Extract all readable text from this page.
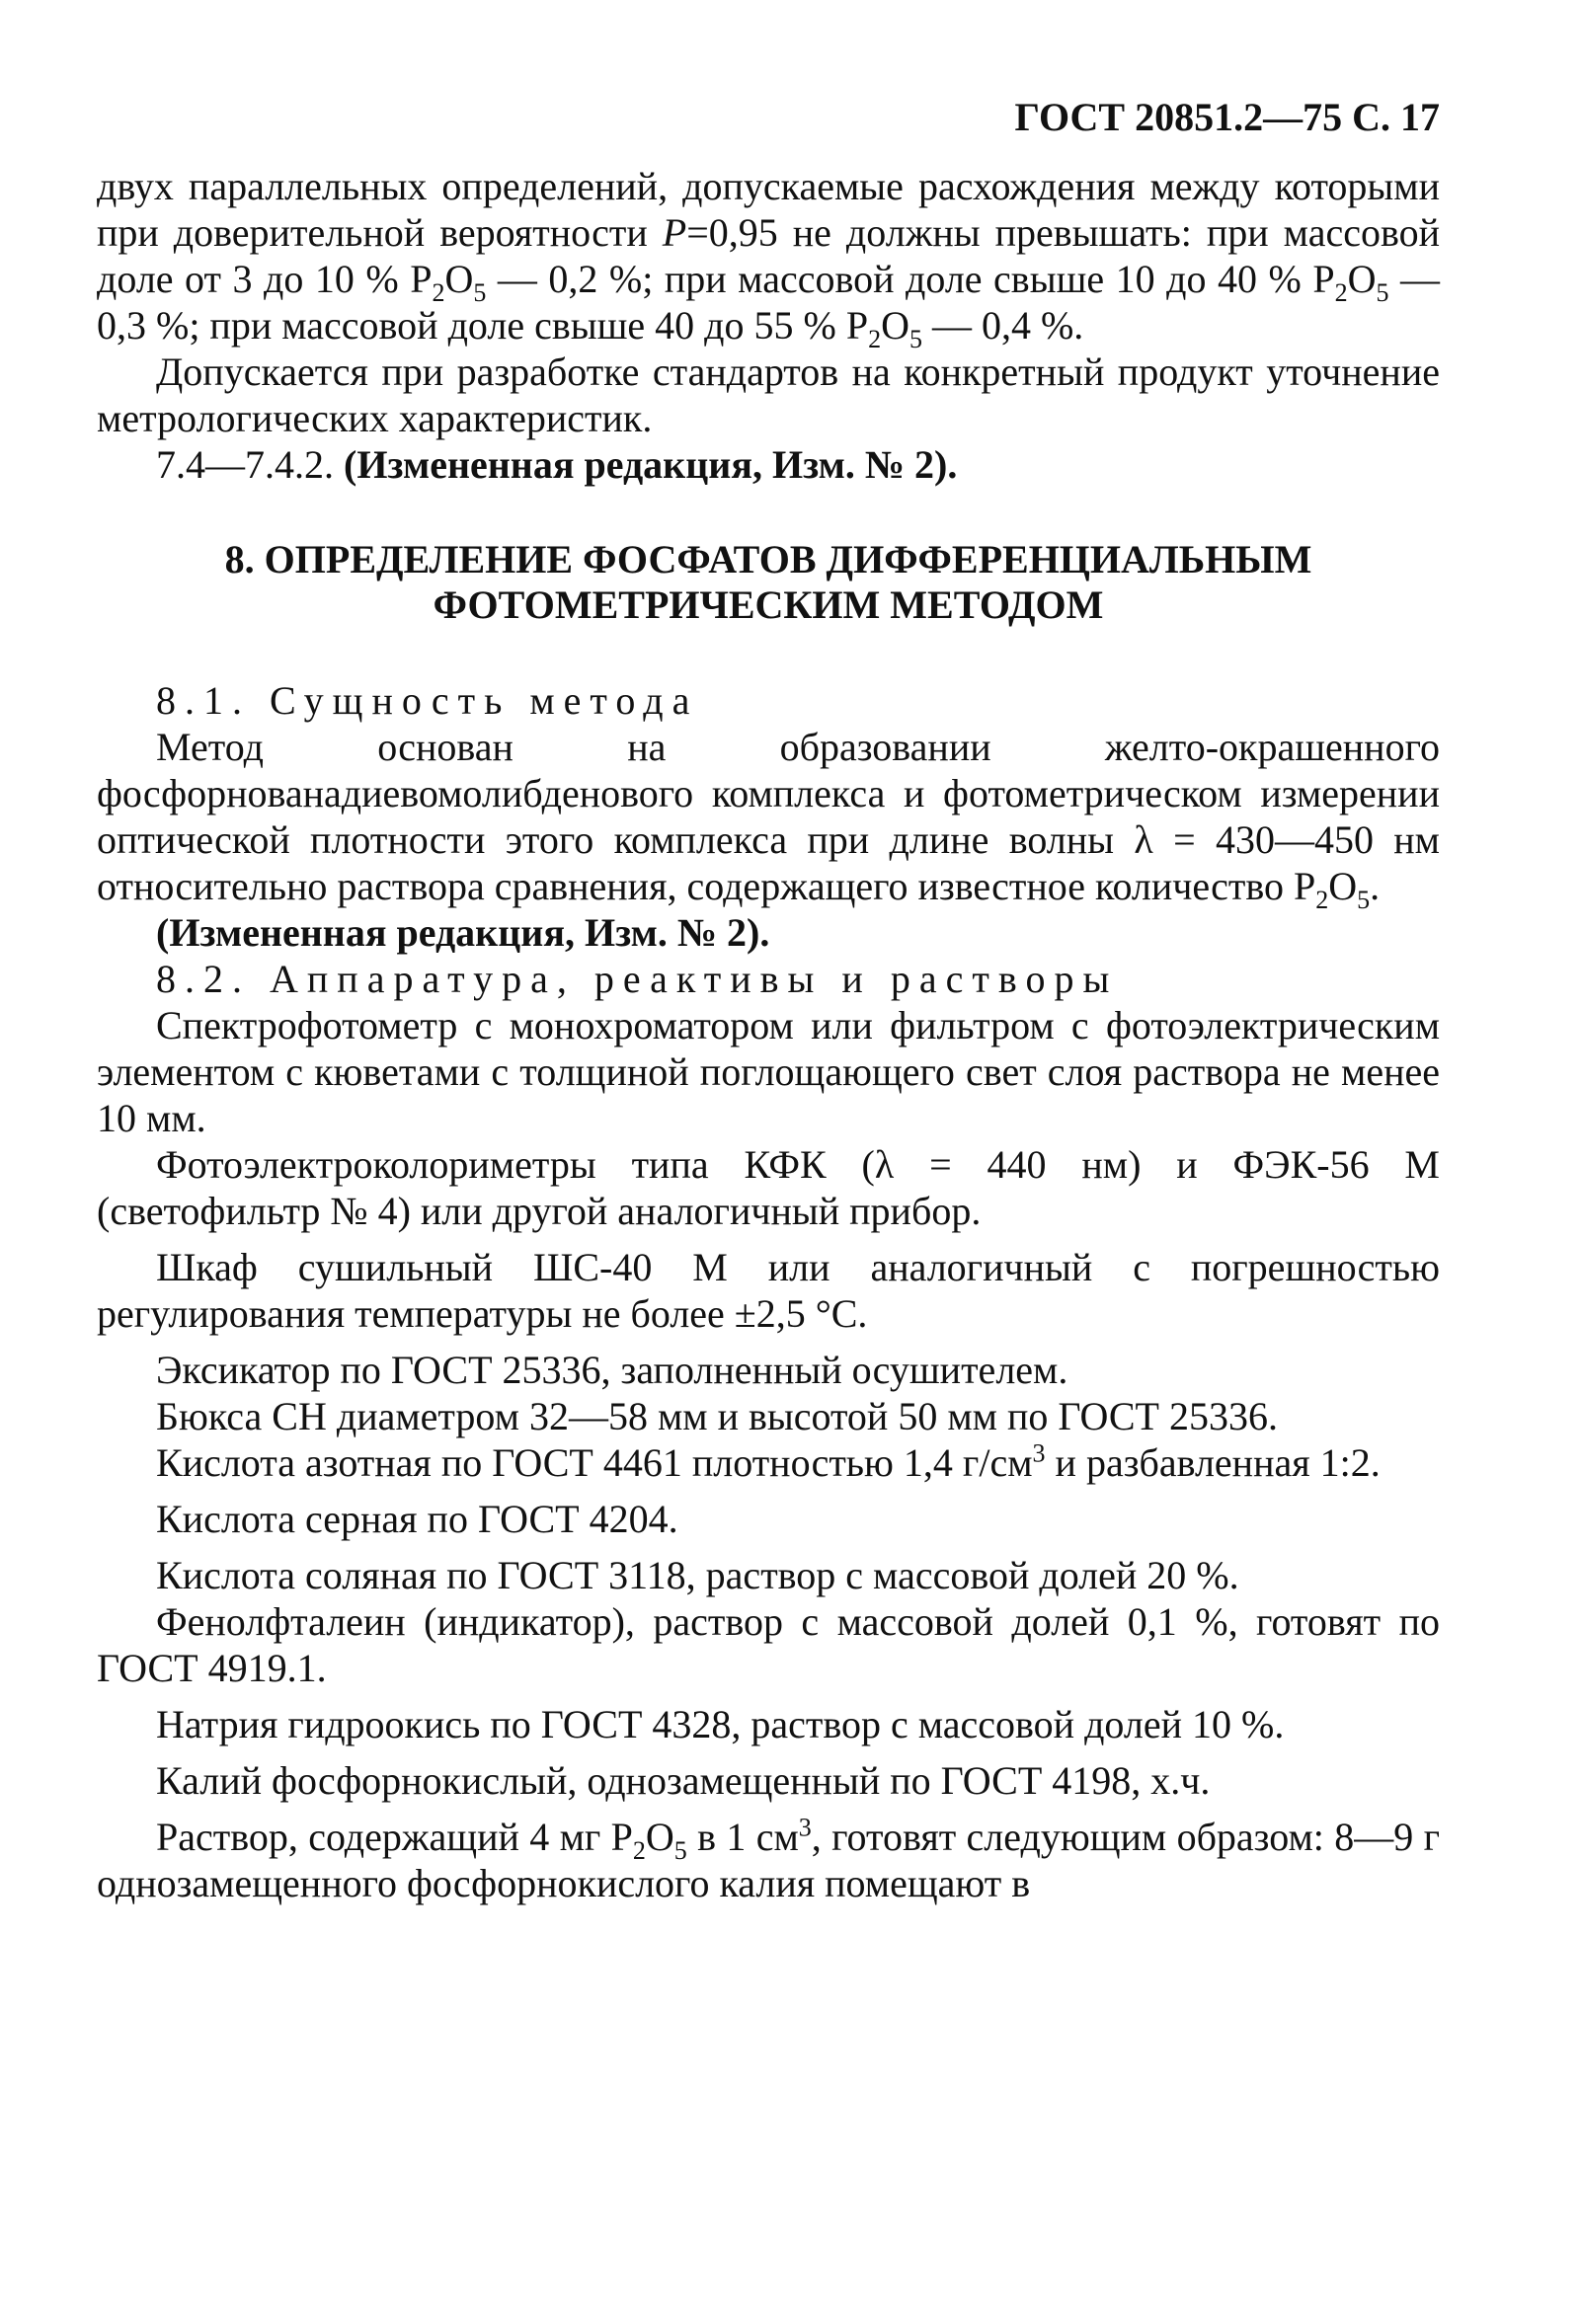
ГОСТ 20851.2—75 С. 17

двух параллельных определений, допускаемые расхождения между которыми при доверительной вероятности P=0,95 не должны превышать: при массовой доле от 3 до 10 % $P_2O_5$ — 0,2 %; при массовой доле свыше 10 до 40 % $P_2O_5$ — 0,3 %; при массовой доле свыше 40 до 55 % $P_2O_5$ — 0,4 %.

Допускается при разработке стандартов на конкретный продукт уточнение метрологических характеристик.

7.4—7.4.2. (Измененная редакция, Изм. № 2).

8. ОПРЕДЕЛЕНИЕ ФОСФАТОВ ДИФФЕРЕНЦИАЛЬНЫМ
ФОТОМЕТРИЧЕСКИМ МЕТОДОМ

8.1. Сущность метода

Метод основан на образовании желто-окрашенного фосфорнованадиевомолибденового комплекса и фотометрическом измерении оптической плотности этого комплекса при длине волны λ = 430—450 нм относительно раствора сравнения, содержащего известное количество $P_2O_5$.

(Измененная редакция, Изм. № 2).

8.2. Аппаратура, реактивы и растворы

Спектрофотометр с монохроматором или фильтром с фотоэлектрическим элементом с кюветами с толщиной поглощающего свет слоя раствора не менее 10 мм.

Фотоэлектроколориметры типа КФК (λ = 440 нм) и ФЭК-56 М (светофильтр № 4) или другой аналогичный прибор.

Шкаф сушильный ШС-40 М или аналогичный с погрешностью регулирования температуры не более ±2,5 °С.

Эксикатор по ГОСТ 25336, заполненный осушителем.

Бюкса СН диаметром 32—58 мм и высотой 50 мм по ГОСТ 25336.

Кислота азотная по ГОСТ 4461 плотностью 1,4 $г/см^3$ и разбавленная 1:2.

Кислота серная по ГОСТ 4204.

Кислота соляная по ГОСТ 3118, раствор с массовой долей 20 %.

Фенолфталеин (индикатор), раствор с массовой долей 0,1 %, готовят по ГОСТ 4919.1.

Натрия гидроокись по ГОСТ 4328, раствор с массовой долей 10 %.

Калий фосфорнокислый, однозамещенный по ГОСТ 4198, х.ч.

Раствор, содержащий 4 мг $P_2O_5$ в 1 $см^3$, готовят следующим образом: 8—9 г однозамещенного фосфорнокислого калия помещают в
